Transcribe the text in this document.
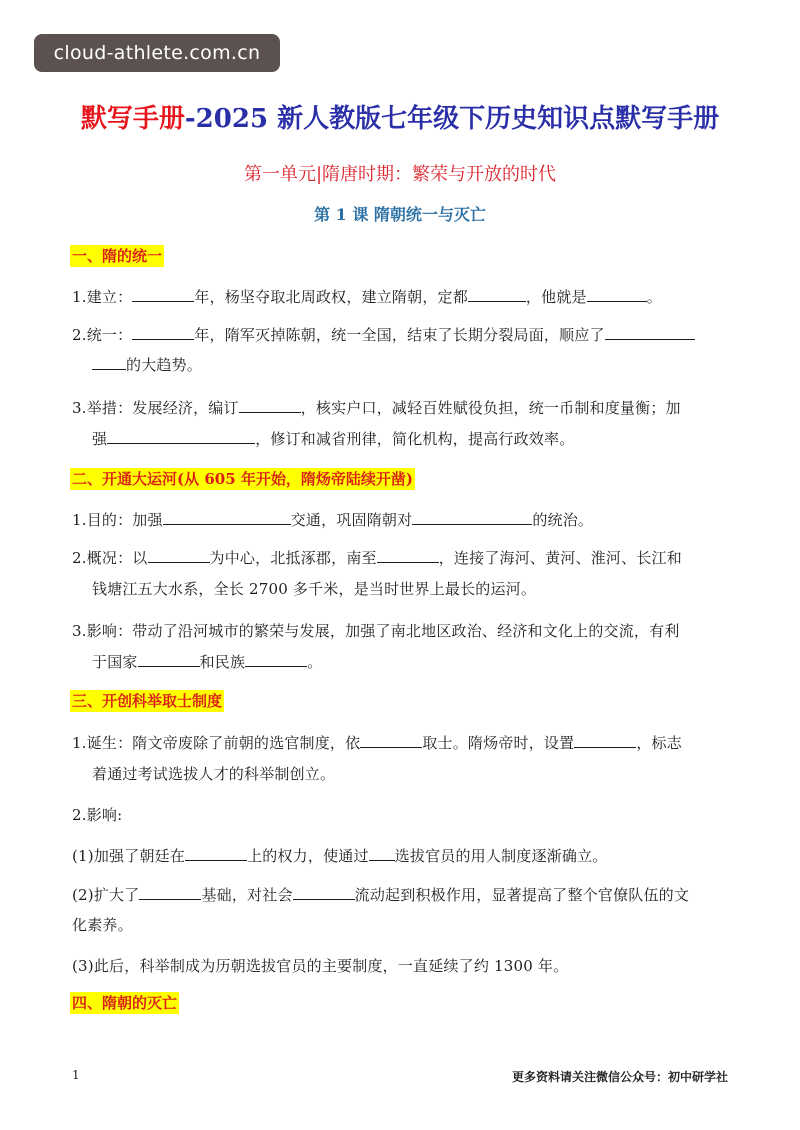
cloud-athlete.com.cn
默写手册-2025 新人教版七年级下历史知识点默写手册
第一单元|隋唐时期：繁荣与开放的时代
第 1 课 隋朝统一与灭亡
一、隋的统一
1.建立：	年，杨坚夺取北周政权，建立隋朝，定都	，他就是	。
2.统一：	年，隋军灭掉陈朝，统一全国，结束了长期分裂局面，顺应了
的大趋势。
3.举措：发展经济，编订	，核实户口，减轻百姓赋役负担，统一币制和度量衡；加
强	，修订和减省刑律，简化机构，提高行政效率。
二、开通大运河(从 605 年开始，隋炀帝陆续开凿)
1.目的：加强	交通，巩固隋朝对	的统治。
2.概况：以	为中心，北抵涿郡，南至	，连接了海河、黄河、淮河、长江和
钱塘江五大水系，全长 2700 多千米，是当时世界上最长的运河。
3.影响：带动了沿河城市的繁荣与发展，加强了南北地区政治、经济和文化上的交流，有利
于国家	和民族	。
三、开创科举取士制度
1.诞生：隋文帝废除了前朝的选官制度，依	取士。隋炀帝时，设置	，标志
着通过考试选拔人才的科举制创立。
2.影响:
(1)加强了朝廷在	上的权力，使通过 选拔官员的用人制度逐渐确立。
(2)扩大了	基础，对社会	流动起到积极作用，显著提高了整个官僚队伍的文
化素养。
(3)此后，科举制成为历朝选拔官员的主要制度，一直延续了约 1300 年。
四、隋朝的灭亡
1	更多资料请关注微信公众号：初中研学社
